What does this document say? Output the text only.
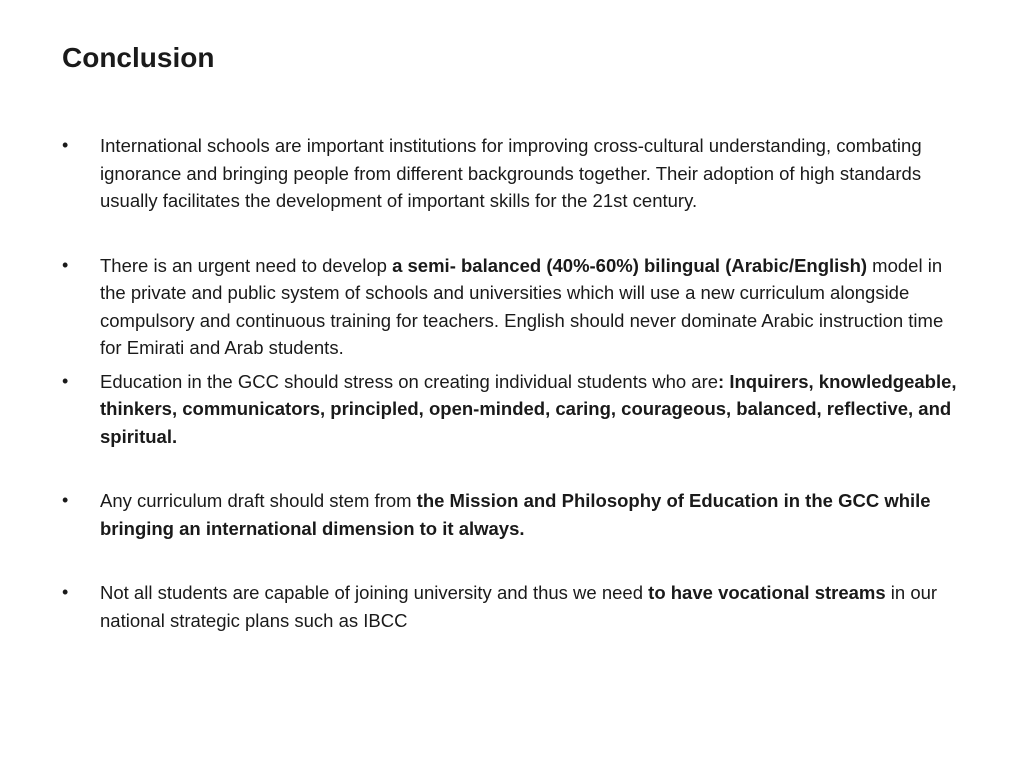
Conclusion
•	International schools are important institutions for improving cross-cultural understanding, combating ignorance and bringing people from different backgrounds together. Their adoption of high standards usually facilitates the development of important skills for the 21st century.
•	There is an urgent need to develop a semi- balanced (40%-60%) bilingual (Arabic/English) model in the private and public system of schools and universities which will use a new curriculum alongside compulsory and continuous training for teachers. English should never dominate Arabic instruction time for Emirati and Arab students.
•	Education in the GCC should stress on creating individual students who are: Inquirers, knowledgeable, thinkers, communicators, principled, open-minded, caring, courageous, balanced, reflective, and spiritual.
•	Any curriculum draft should stem from the Mission and Philosophy of Education in the GCC while bringing an international dimension to it always.
•	Not all students are capable of joining university and thus we need to have vocational streams in our national strategic plans such as IBCC
